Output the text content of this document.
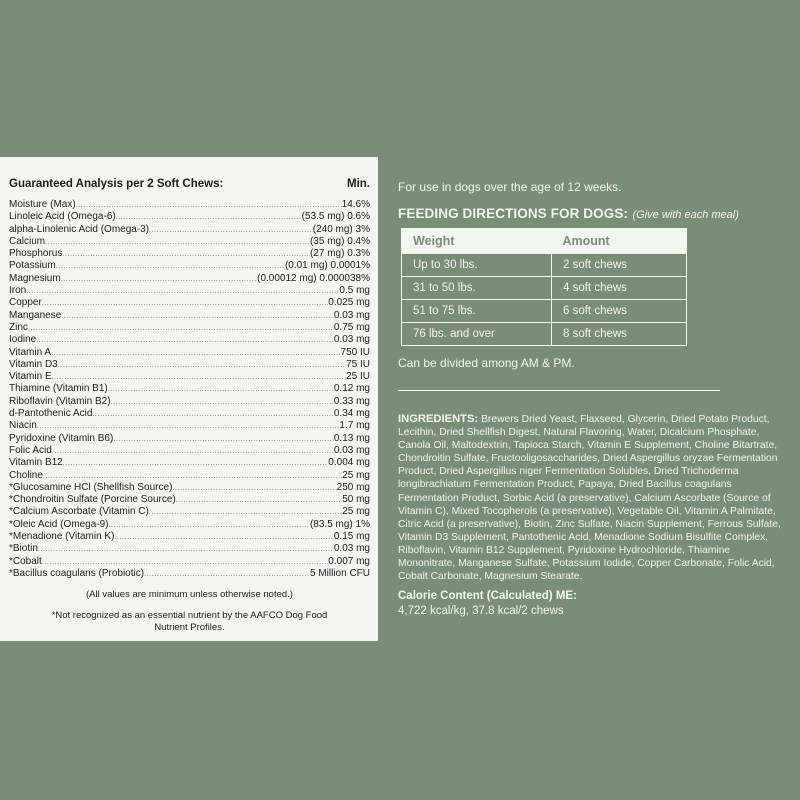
Guaranteed Analysis per 2 Soft Chews:	Min.
Moisture (Max) .....	14.6%
Linoleic Acid (Omega-6) .....	(53.5 mg) 0.6%
alpha-Linolenic Acid (Omega-3) .....	(240 mg) 3%
Calcium .....	(35 mg) 0.4%
Phosphorus .....	(27 mg) 0.3%
Potassium .....	(0.01 mg) 0.0001%
Magnesium .....	(0.00012 mg) 0.000038%
Iron .....	0.5 mg
Copper .....	0.025 mg
Manganese .....	0.03 mg
Zinc .....	0.75 mg
Iodine .....	0.03 mg
Vitamin A .....	750 IU
Vitamin D3 .....	75 IU
Vitamin E .....	25 IU
Thiamine (Vitamin B1) .....	0.12 mg
Riboflavin (Vitamin B2) .....	0.33 mg
d-Pantothenic Acid .....	0.34 mg
Niacin .....	1.7 mg
Pyridoxine (Vitamin B6) .....	0.13 mg
Folic Acid .....	0.03 mg
Vitamin B12 .....	0.004 mg
Choline .....	25 mg
*Glucosamine HCl (Shellfish Source) .....	250 mg
*Chondroitin Sulfate (Porcine Source) .....	50 mg
*Calcium Ascorbate (Vitamin C) .....	25 mg
*Oleic Acid (Omega-9) .....	(83.5 mg) 1%
*Menadione (Vitamin K) .....	0.15 mg
*Biotin .....	0.03 mg
*Cobalt .....	0.007 mg
*Bacillus coagulans (Probiotic) .....	5 Million CFU
(All values are minimum unless otherwise noted.)
*Not recognized as an essential nutrient by the AAFCO Dog Food Nutrient Profiles.
For use in dogs over the age of 12 weeks.
FEEDING DIRECTIONS FOR DOGS: (Give with each meal)
Weight	Amount
Up to 30 lbs.	2 soft chews
31 to 50 lbs.	4 soft chews
51 to 75 lbs.	6 soft chews
76 lbs. and over	8 soft chews
Can be divided among AM & PM.
INGREDIENTS: Brewers Dried Yeast, Flaxseed, Glycerin, Dried Potato Product, Lecithin, Dried Shellfish Digest, Natural Flavoring, Water, Dicalcium Phosphate, Canola Oil, Maltodextrin, Tapioca Starch, Vitamin E Supplement, Choline Bitartrate, Chondroitin Sulfate, Fructooligosaccharides, Dried Aspergillus oryzae Fermentation Product, Dried Aspergillus niger Fermentation Solubles, Dried Trichoderma longibrachiatum Fermentation Product, Papaya, Dried Bacillus coagulans Fermentation Product, Sorbic Acid (a preservative), Calcium Ascorbate (Source of Vitamin C), Mixed Tocopherols (a preservative), Vegetable Oil, Vitamin A Palmitate, Citric Acid (a preservative), Biotin, Zinc Sulfate, Niacin Supplement, Ferrous Sulfate, Vitamin D3 Supplement, Pantothenic Acid, Menadione Sodium Bisulfite Complex, Riboflavin, Vitamin B12 Supplement, Pyridoxine Hydrochloride, Thiamine Mononitrate, Manganese Sulfate, Potassium Iodide, Copper Carbonate, Folic Acid, Cobalt Carbonate, Magnesium Stearate.
Calorie Content (Calculated) ME:
4,722 kcal/kg, 37.8 kcal/2 chews
